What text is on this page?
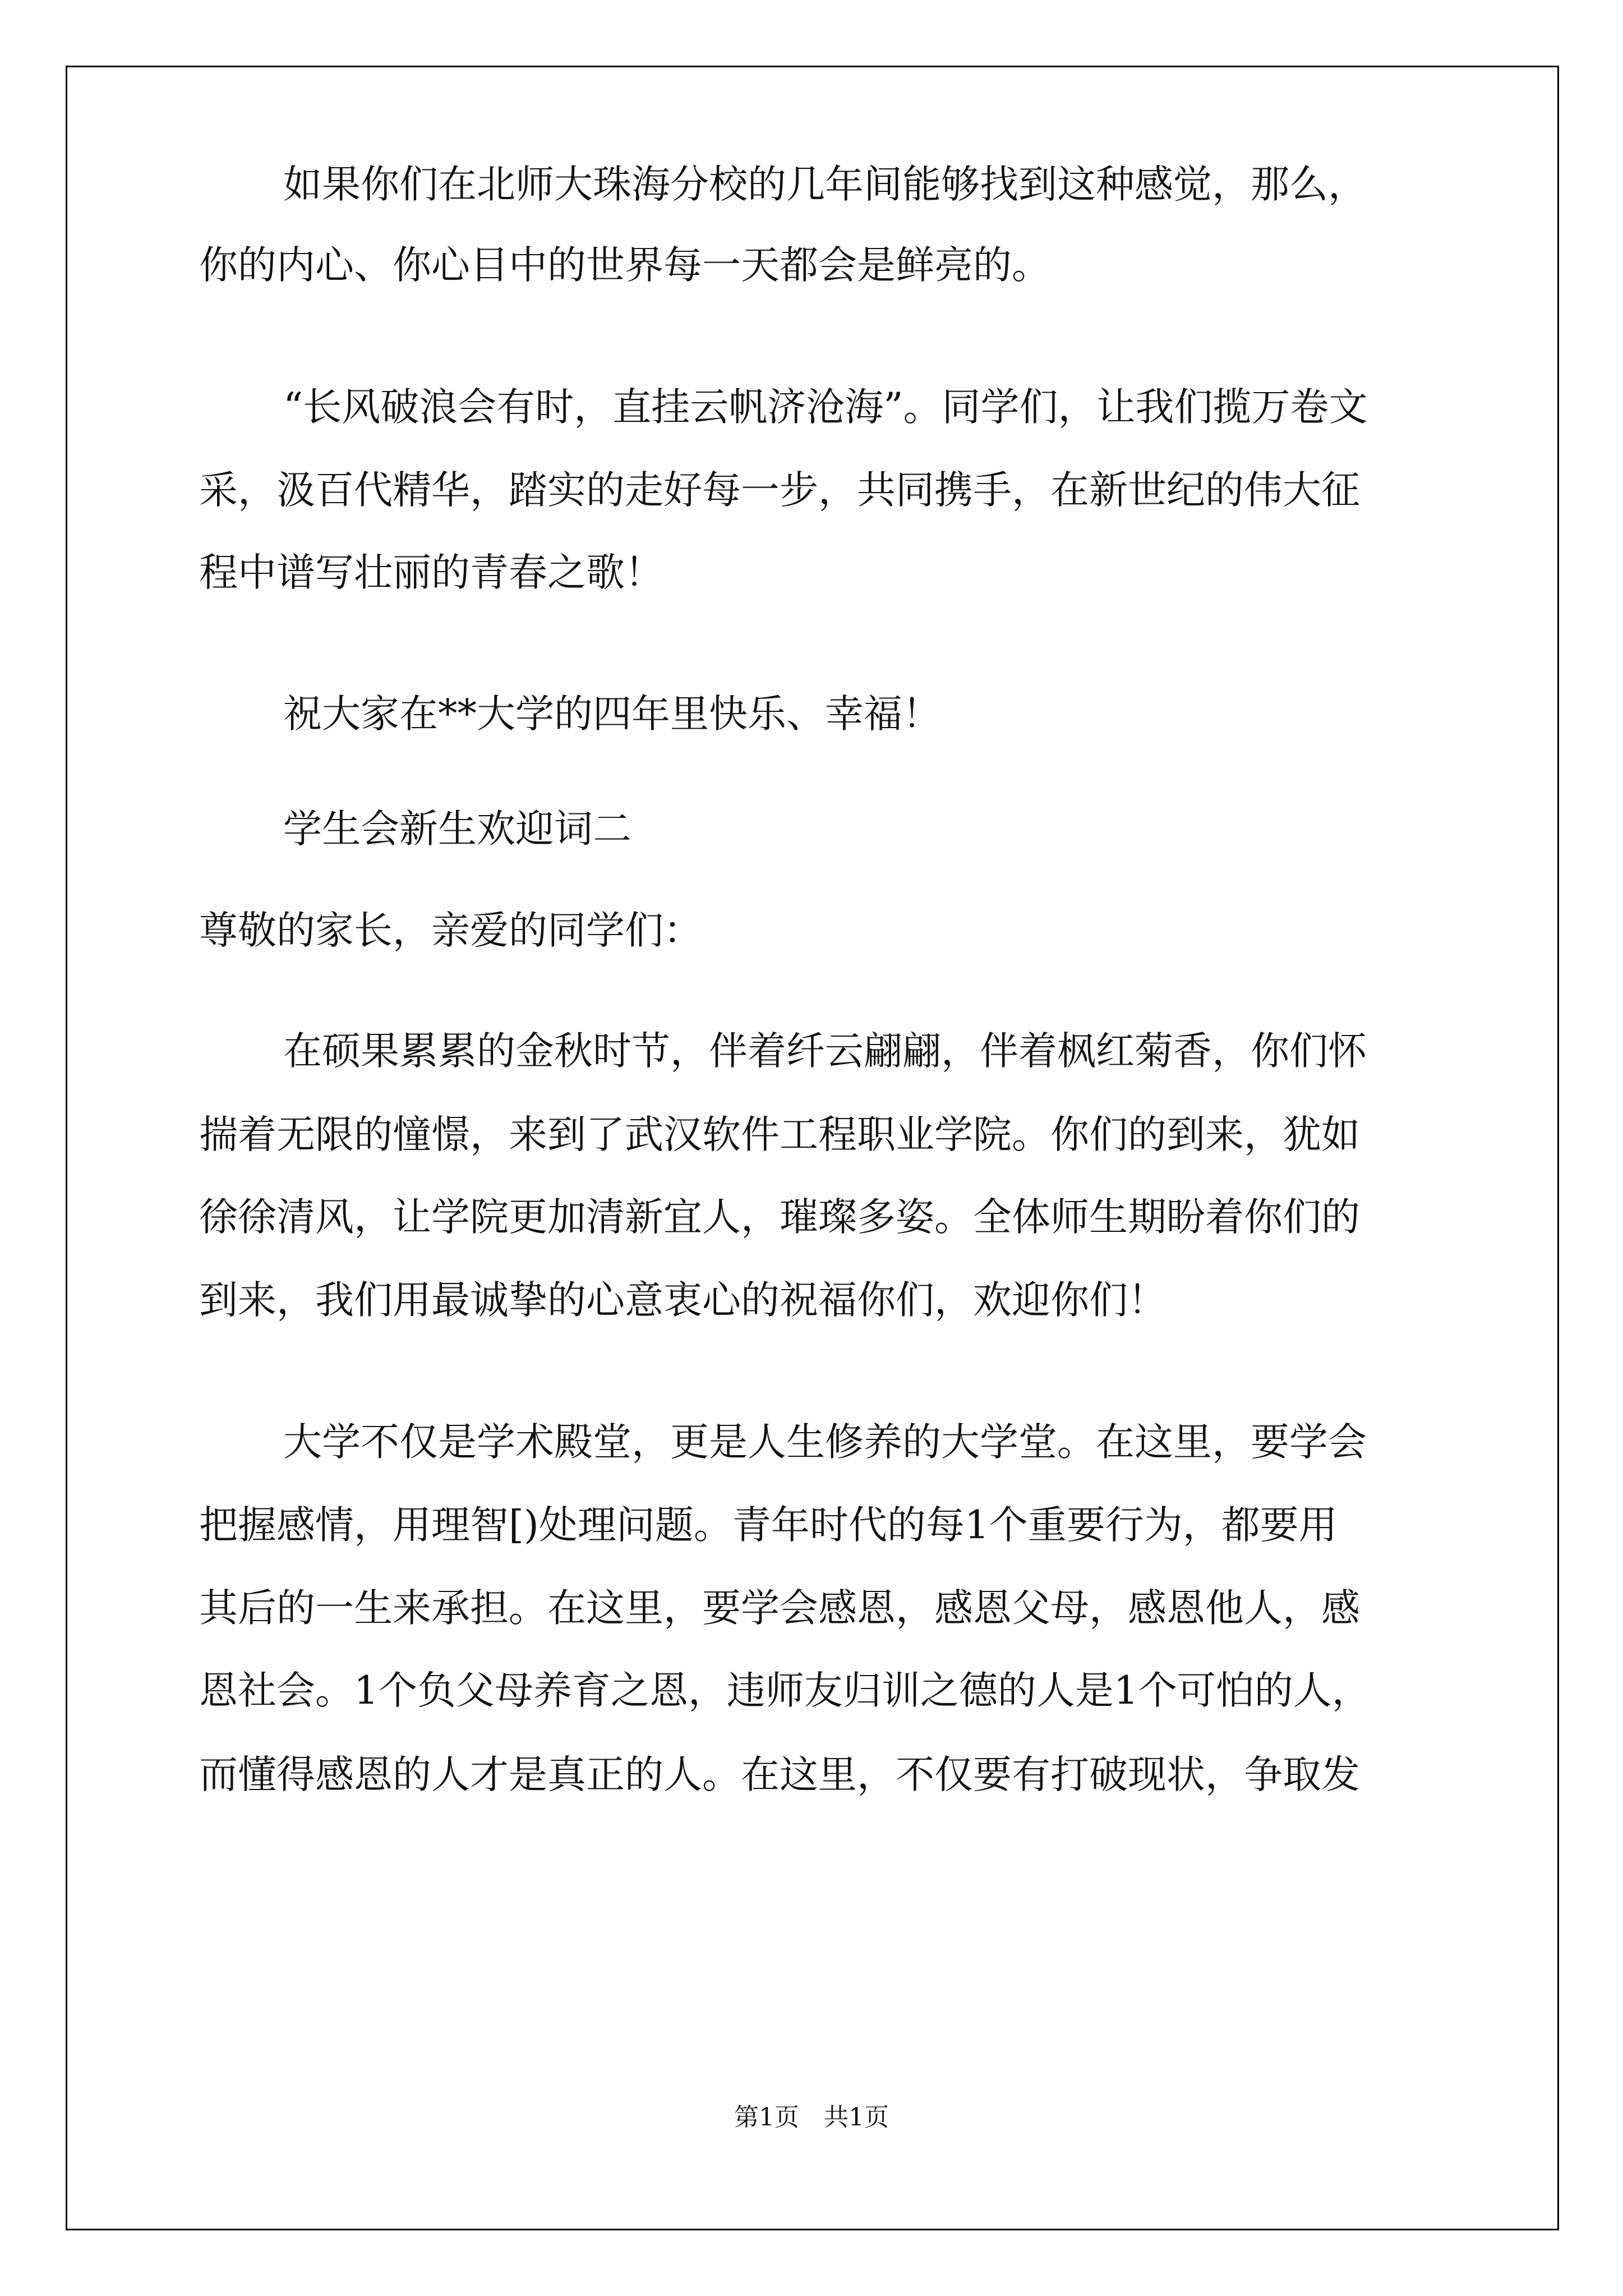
如果你们在北师大珠海分校的几年间能够找到这种感觉，那么，
你的内心、你心目中的世界每一天都会是鲜亮的。
“长风破浪会有时，直挂云帆济沧海”。同学们，让我们揽万卷文
采，汲百代精华，踏实的走好每一步，共同携手，在新世纪的伟大征
程中谱写壮丽的青春之歌！
祝大家在**大学的四年里快乐、幸福！
学生会新生欢迎词二
尊敬的家长，亲爱的同学们：
在硕果累累的金秋时节，伴着纤云翩翩，伴着枫红菊香，你们怀
揣着无限的憧憬，来到了武汉软件工程职业学院。你们的到来，犹如
徐徐清风，让学院更加清新宜人，璀璨多姿。全体师生期盼着你们的
到来，我们用最诚挚的心意衷心的祝福你们，欢迎你们！
大学不仅是学术殿堂，更是人生修养的大学堂。在这里，要学会
把握感情，用理智[)处理问题。青年时代的每1个重要行为，都要用
其后的一生来承担。在这里，要学会感恩，感恩父母，感恩他人，感
恩社会。1个负父母养育之恩，违师友归训之德的人是1个可怕的人，
而懂得感恩的人才是真正的人。在这里，不仅要有打破现状，争取发
第1页　共1页
